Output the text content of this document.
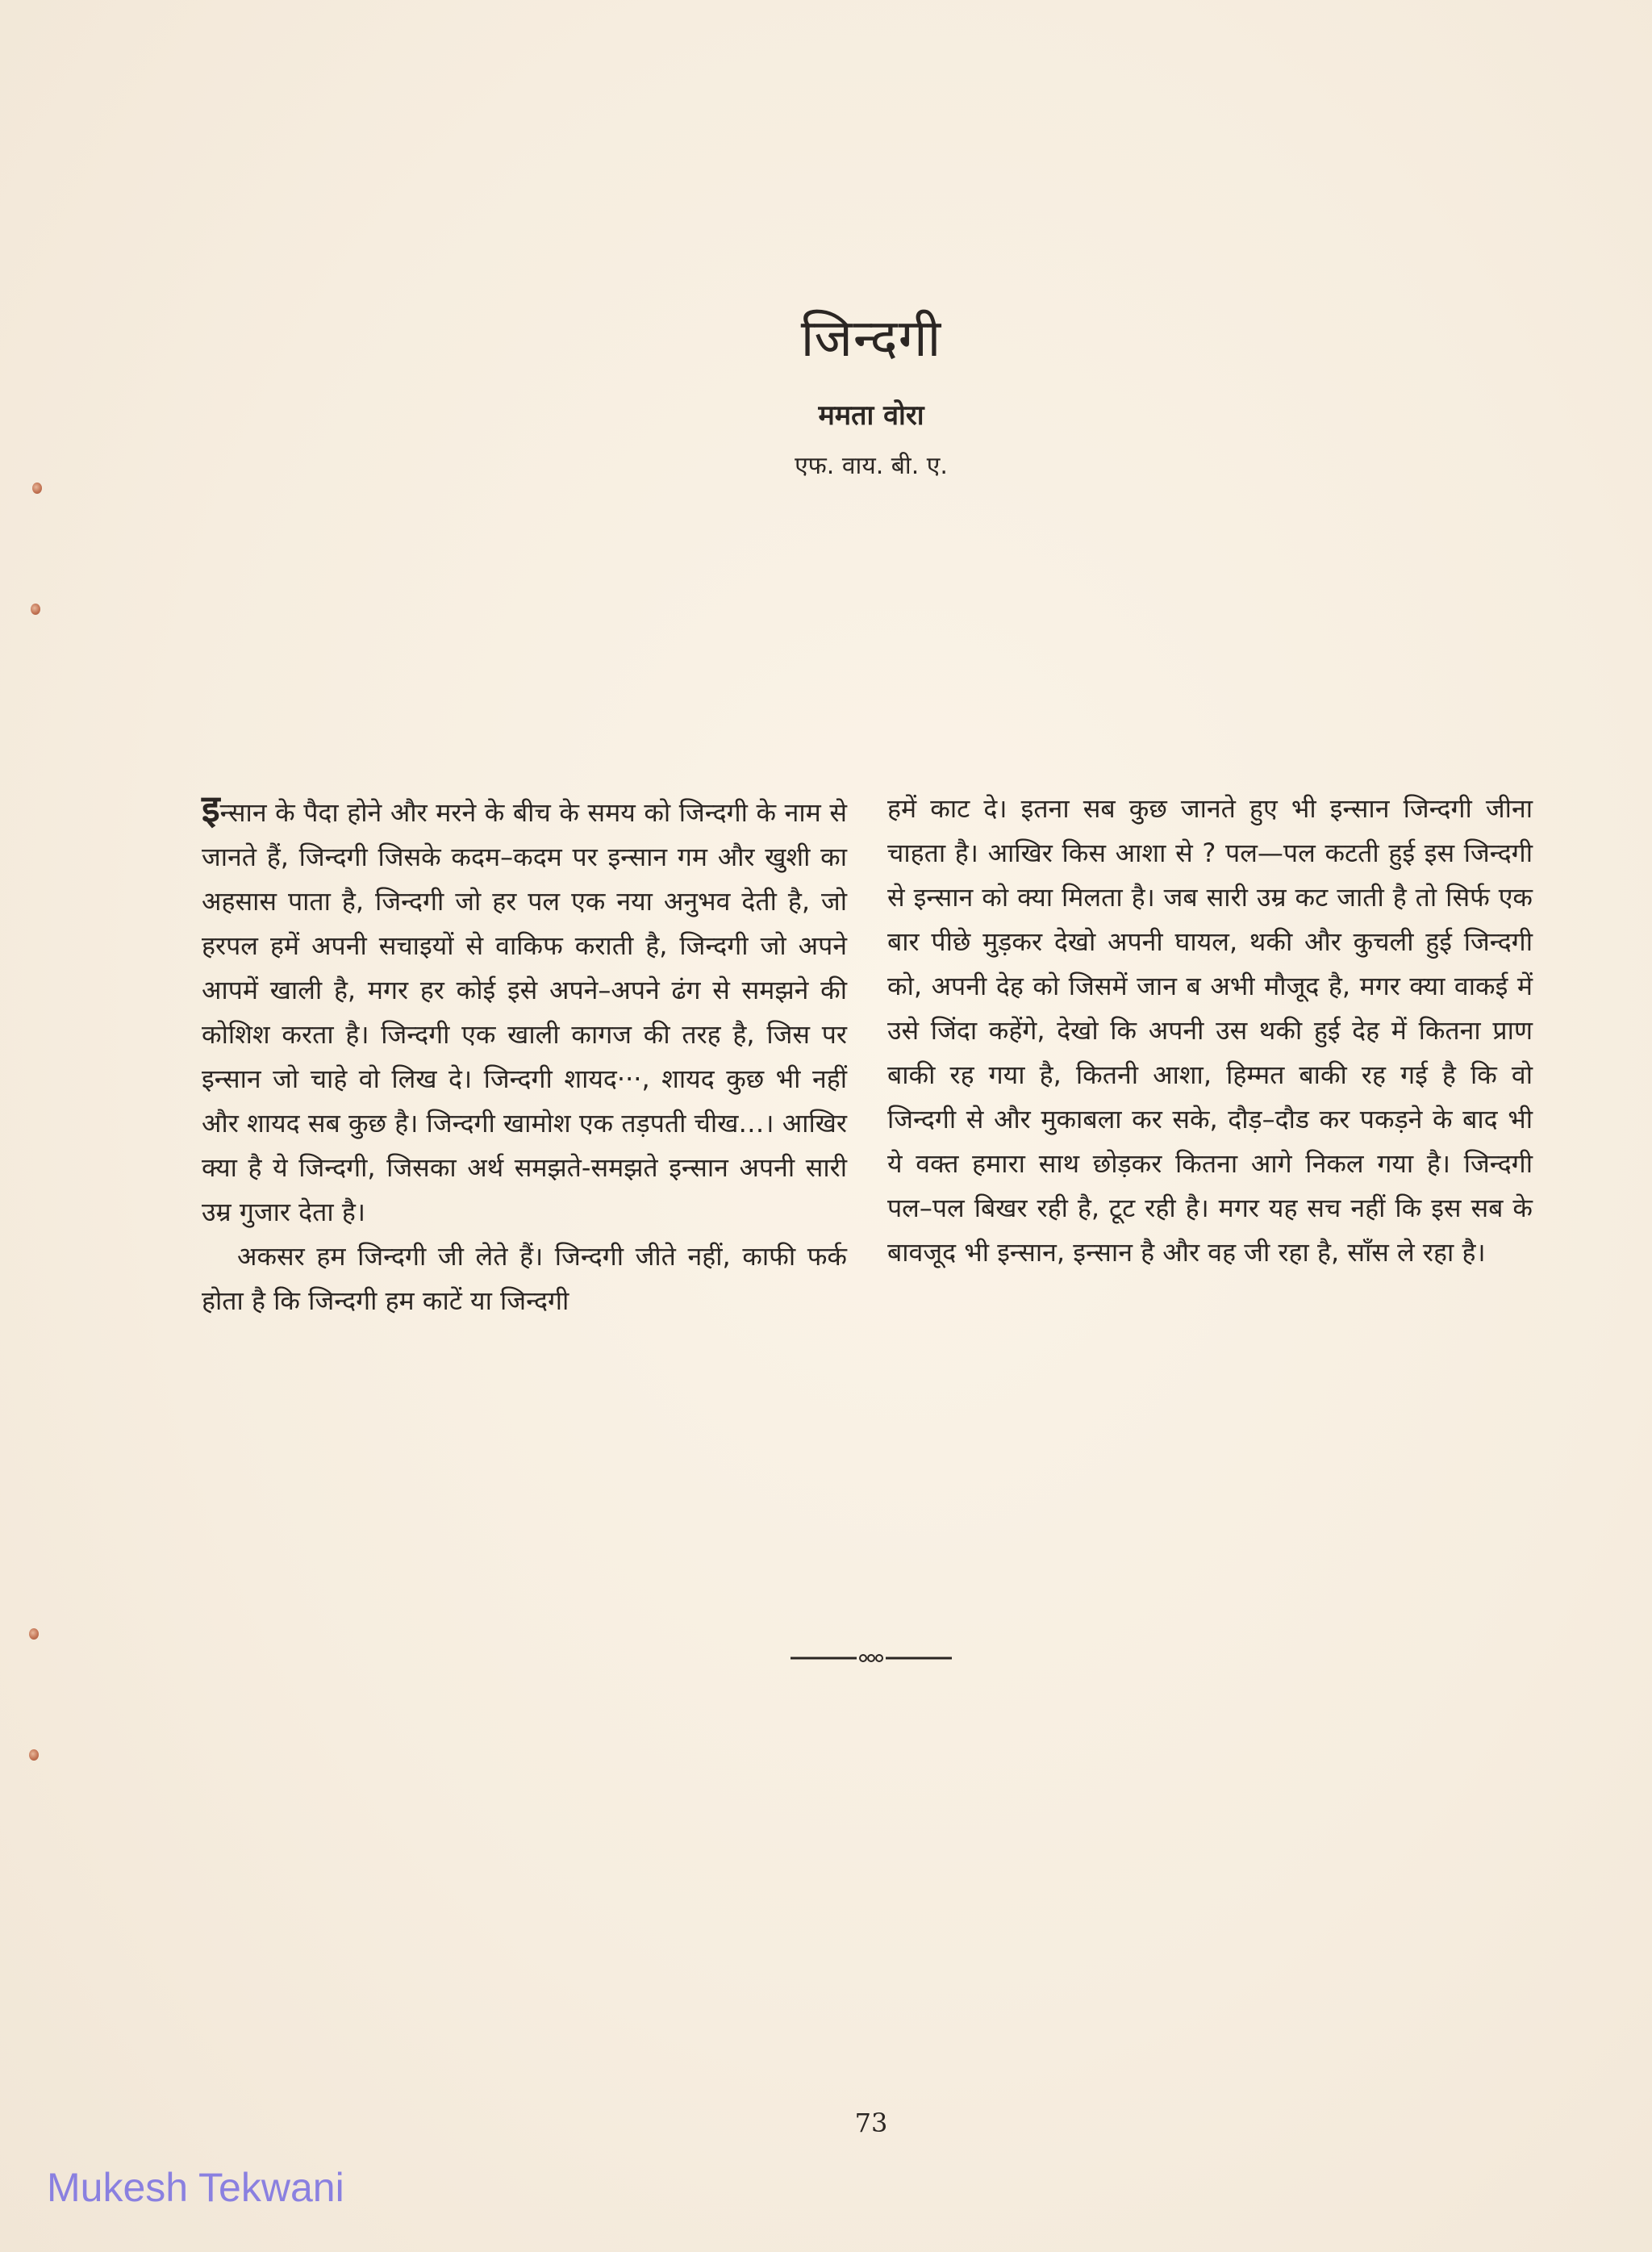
जिन्दगी
ममता वोरा
एफ. वाय. बी. ए.

इन्सान के पैदा होने और मरने के बीच के समय को जिन्दगी के नाम से जानते हैं, जिन्दगी जिसके कदम–कदम पर इन्सान गम और खुशी का अहसास पाता है, जिन्दगी जो हर पल एक नया अनुभव देती है, जो हरपल हमें अपनी सचाइयों से वाकिफ कराती है, जिन्दगी जो अपने आपमें खाली है, मगर हर कोई इसे अपने–अपने ढंग से समझने की कोशिश करता है। जिन्दगी एक खाली कागज की तरह है, जिस पर इन्सान जो चाहे वो लिख दे। जिन्दगी शायद···, शायद कुछ भी नहीं और शायद सब कुछ है। जिन्दगी खामोश एक तड़पती चीख…। आखिर क्या है ये जिन्दगी, जिसका अर्थ समझते-समझते इन्सान अपनी सारी उम्र गुजार देता है।

अकसर हम जिन्दगी जी लेते हैं। जिन्दगी जीते नहीं, काफी फर्क होता है कि जिन्दगी हम काटें या जिन्दगी

हमें काट दे। इतना सब कुछ जानते हुए भी इन्सान जिन्दगी जीना चाहता है। आखिर किस आशा से ? पल—पल कटती हुई इस जिन्दगी से इन्सान को क्या मिलता है। जब सारी उम्र कट जाती है तो सिर्फ एक बार पीछे मुड़कर देखो अपनी घायल, थकी और कुचली हुई जिन्दगी को, अपनी देह को जिसमें जान ब अभी मौजूद है, मगर क्या वाकई में उसे जिंदा कहेंगे, देखो कि अपनी उस थकी हुई देह में कितना प्राण बाकी रह गया है, कितनी आशा, हिम्मत बाकी रह गई है कि वो जिन्दगी से और मुकाबला कर सके, दौड़–दौड कर पकड़ने के बाद भी ये वक्त हमारा साथ छोड़कर कितना आगे निकल गया है। जिन्दगी पल–पल बिखर रही है, टूट रही है। मगर यह सच नहीं कि इस सब के बावजूद भी इन्सान, इन्सान है और वह जी रहा है, साँस ले रहा है।

73
Mukesh Tekwani
